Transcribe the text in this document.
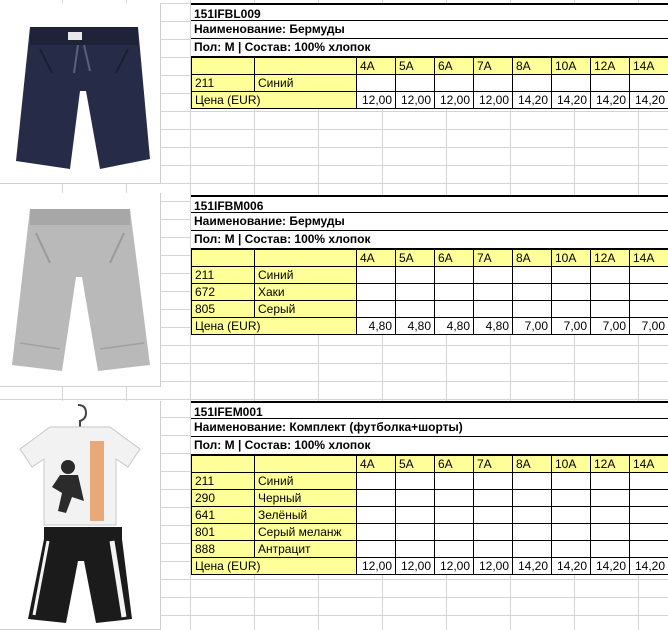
151IFBL009
Наименование: Бермуды
Пол: М | Состав: 100% хлопок
		4A	5A	6A	7A	8A	10A	12A	14A
211	Синий								
Цена (EUR)		12,00	12,00	12,00	12,00	14,20	14,20	14,20	14,20
151IFBM006
Наименование: Бермуды
Пол: М | Состав: 100% хлопок
		4A	5A	6A	7A	8A	10A	12A	14A
211	Синий								
672	Хаки								
805	Серый								
Цена (EUR)		4,80	4,80	4,80	4,80	7,00	7,00	7,00	7,00
151IFEM001
Наименование: Комплект (футболка+шорты)
Пол: М | Состав: 100% хлопок
		4A	5A	6A	7A	8A	10A	12A	14A
211	Синий								
290	Черный								
641	Зелёный								
801	Серый меланж								
888	Антрацит								
Цена (EUR)		12,00	12,00	12,00	12,00	14,20	14,20	14,20	14,20
